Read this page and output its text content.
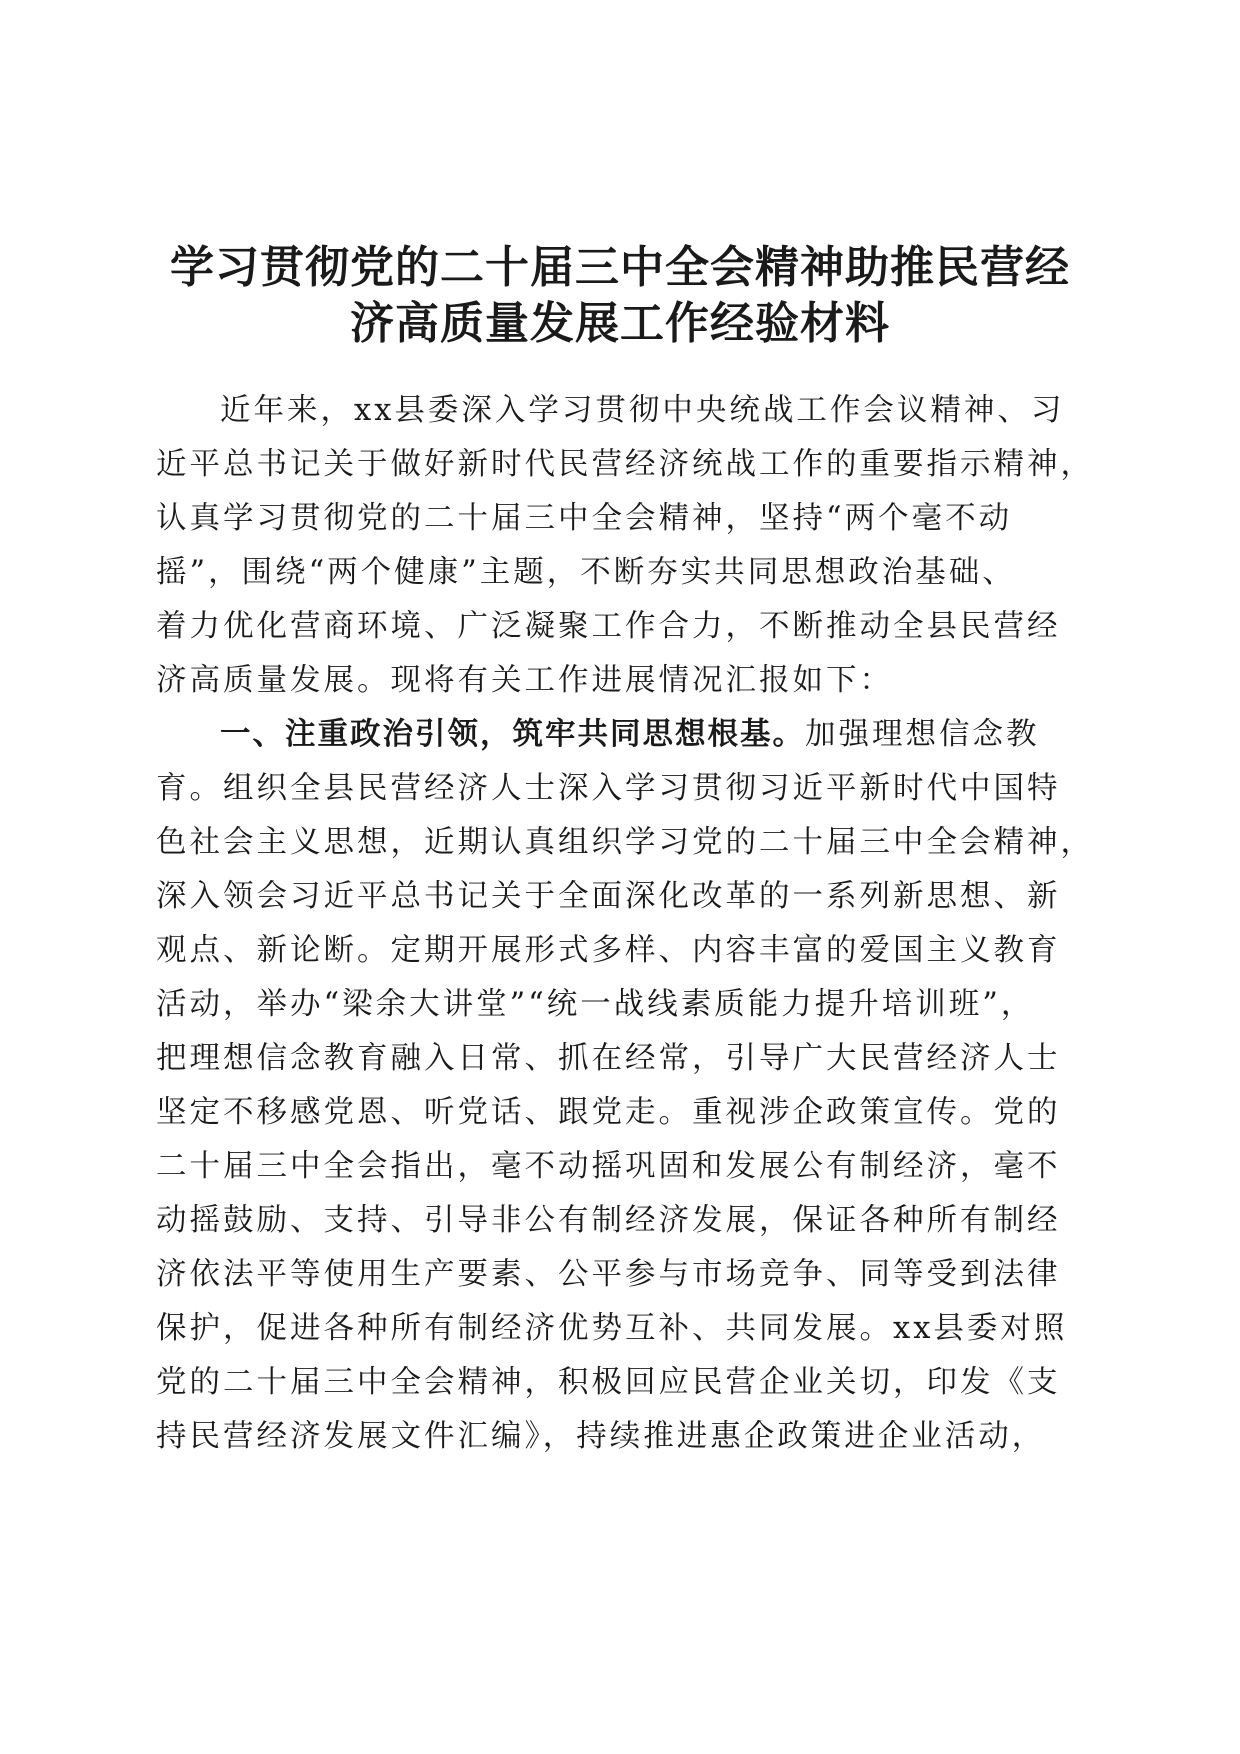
学习贯彻党的二十届三中全会精神助推民营经
济高质量发展工作经验材料
近年来，xx县委深入学习贯彻中央统战工作会议精神、习
近平总书记关于做好新时代民营经济统战工作的重要指示精神，
认真学习贯彻党的二十届三中全会精神，坚持“两个毫不动
摇”，围绕“两个健康”主题，不断夯实共同思想政治基础、
着力优化营商环境、广泛凝聚工作合力，不断推动全县民营经
济高质量发展。现将有关工作进展情况汇报如下：
一、注重政治引领，筑牢共同思想根基。加强理想信念教
育。组织全县民营经济人士深入学习贯彻习近平新时代中国特
色社会主义思想，近期认真组织学习党的二十届三中全会精神，
深入领会习近平总书记关于全面深化改革的一系列新思想、新
观点、新论断。定期开展形式多样、内容丰富的爱国主义教育
活动，举办“梁余大讲堂”“统一战线素质能力提升培训班”，
把理想信念教育融入日常、抓在经常，引导广大民营经济人士
坚定不移感党恩、听党话、跟党走。重视涉企政策宣传。党的
二十届三中全会指出，毫不动摇巩固和发展公有制经济，毫不
动摇鼓励、支持、引导非公有制经济发展，保证各种所有制经
济依法平等使用生产要素、公平参与市场竞争、同等受到法律
保护，促进各种所有制经济优势互补、共同发展。xx县委对照
党的二十届三中全会精神，积极回应民营企业关切，印发《支
持民营经济发展文件汇编》，持续推进惠企政策进企业活动，
